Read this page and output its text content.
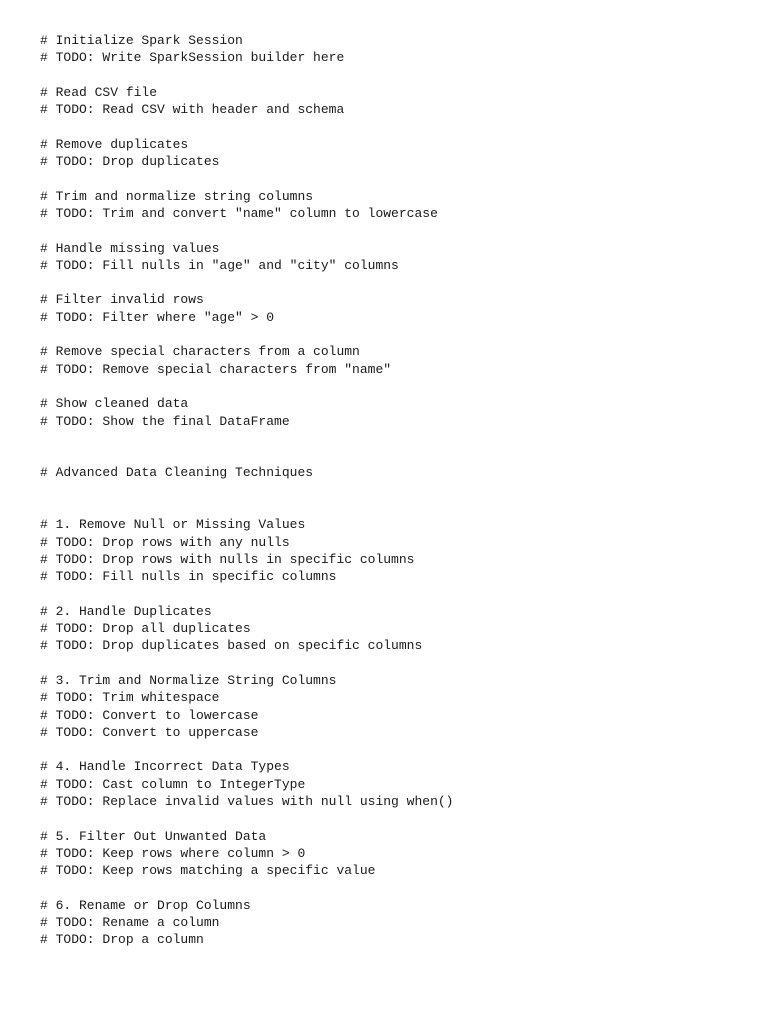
# Initialize Spark Session
# TODO: Write SparkSession builder here
# Read CSV file
# TODO: Read CSV with header and schema
# Remove duplicates
# TODO: Drop duplicates
# Trim and normalize string columns
# TODO: Trim and convert "name" column to lowercase
# Handle missing values
# TODO: Fill nulls in "age" and "city" columns
# Filter invalid rows
# TODO: Filter where "age" > 0
# Remove special characters from a column
# TODO: Remove special characters from "name"
# Show cleaned data
# TODO: Show the final DataFrame
# Advanced Data Cleaning Techniques
# 1. Remove Null or Missing Values
# TODO: Drop rows with any nulls
# TODO: Drop rows with nulls in specific columns
# TODO: Fill nulls in specific columns
# 2. Handle Duplicates
# TODO: Drop all duplicates
# TODO: Drop duplicates based on specific columns
# 3. Trim and Normalize String Columns
# TODO: Trim whitespace
# TODO: Convert to lowercase
# TODO: Convert to uppercase
# 4. Handle Incorrect Data Types
# TODO: Cast column to IntegerType
# TODO: Replace invalid values with null using when()
# 5. Filter Out Unwanted Data
# TODO: Keep rows where column > 0
# TODO: Keep rows matching a specific value
# 6. Rename or Drop Columns
# TODO: Rename a column
# TODO: Drop a column
